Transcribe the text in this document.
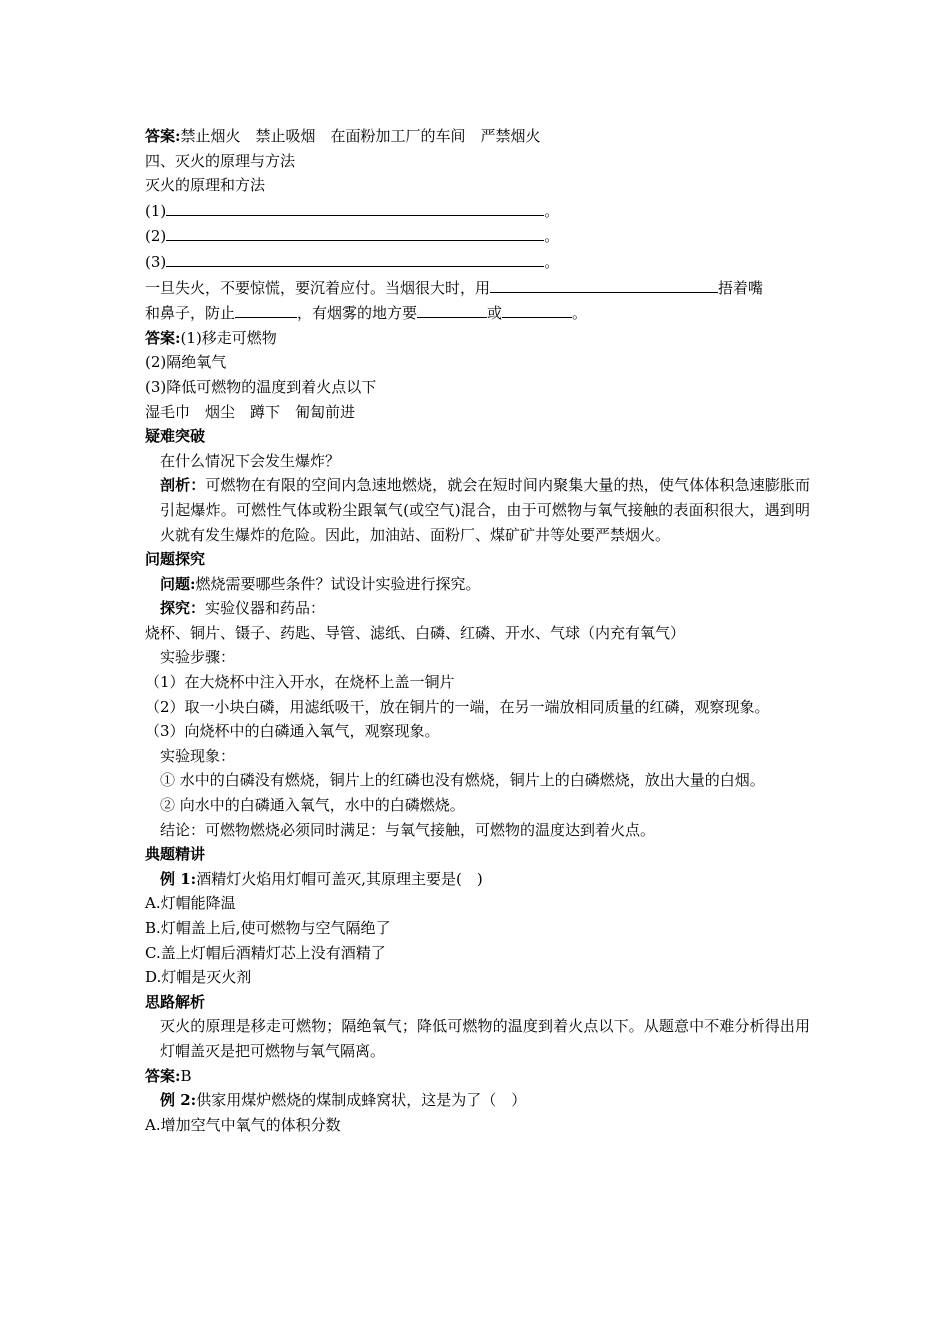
答案:禁止烟火　禁止吸烟　在面粉加工厂的车间　严禁烟火

四、灭火的原理与方法

灭火的原理和方法

(1)	。

(2)	。

(3)	。

一旦失火，不要惊慌，要沉着应付。当烟很大时，用	捂着嘴

和鼻子，防止	，有烟雾的地方要	或	。

答案:(1)移走可燃物

(2)隔绝氧气

(3)降低可燃物的温度到着火点以下

湿毛巾　烟尘　蹲下　匍匐前进

疑难突破

在什么情况下会发生爆炸？

剖析：可燃物在有限的空间内急速地燃烧，就会在短时间内聚集大量的热，使气体体积急速膨胀而引起爆炸。可燃性气体或粉尘跟氧气(或空气)混合，由于可燃物与氧气接触的表面积很大，遇到明火就有发生爆炸的危险。因此，加油站、面粉厂、煤矿矿井等处要严禁烟火。

问题探究

问题:燃烧需要哪些条件？试设计实验进行探究。

探究：实验仪器和药品：

烧杯、铜片、镊子、药匙、导管、滤纸、白磷、红磷、开水、气球（内充有氧气）

实验步骤：

（1）在大烧杯中注入开水，在烧杯上盖一铜片

（2）取一小块白磷，用滤纸吸干，放在铜片的一端，在另一端放相同质量的红磷，观察现象。

（3）向烧杯中的白磷通入氧气，观察现象。

实验现象：

① 水中的白磷没有燃烧，铜片上的红磷也没有燃烧，铜片上的白磷燃烧，放出大量的白烟。

② 向水中的白磷通入氧气，水中的白磷燃烧。

结论：可燃物燃烧必须同时满足：与氧气接触，可燃物的温度达到着火点。

典题精讲

例 1:酒精灯火焰用灯帽可盖灭,其原理主要是(　)

A.灯帽能降温

B.灯帽盖上后,使可燃物与空气隔绝了

C.盖上灯帽后酒精灯芯上没有酒精了

D.灯帽是灭火剂

思路解析

灭火的原理是移走可燃物；隔绝氧气；降低可燃物的温度到着火点以下。从题意中不难分析得出用灯帽盖灭是把可燃物与氧气隔离。

答案:B

例 2:供家用煤炉燃烧的煤制成蜂窝状，这是为了（　）

A.增加空气中氧气的体积分数
